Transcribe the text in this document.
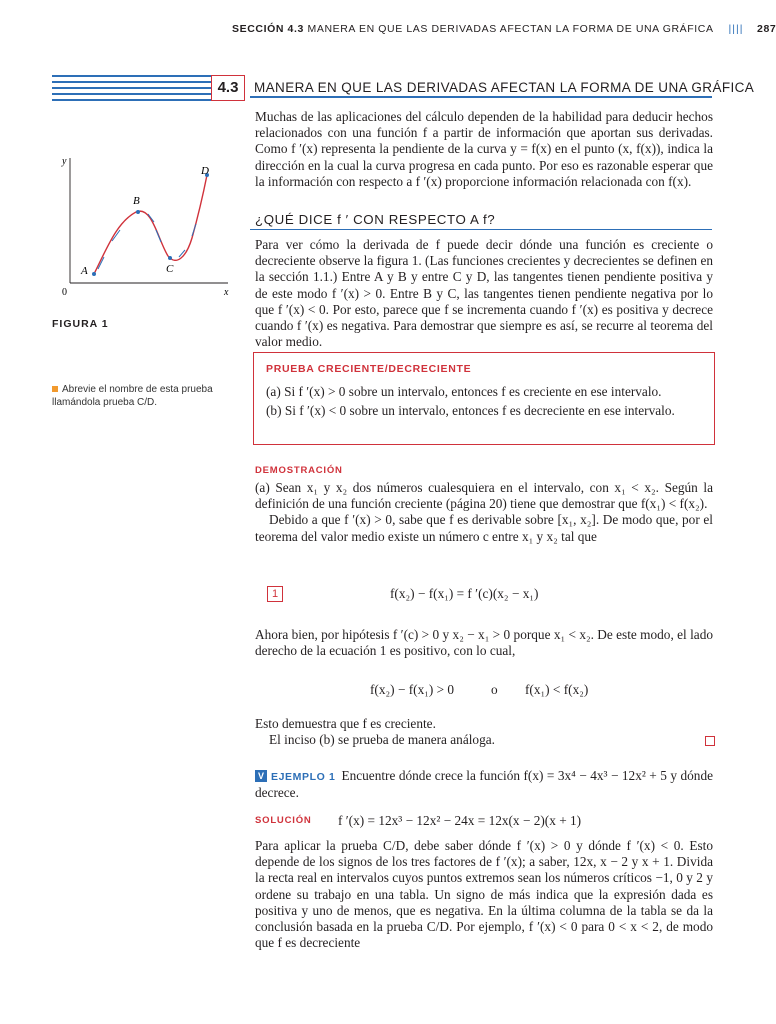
SECCIÓN 4.3 MANERA EN QUE LAS DERIVADAS AFECTAN LA FORMA DE UNA GRÁFICA |||| 287
4.3	MANERA EN QUE LAS DERIVADAS AFECTAN LA FORMA DE UNA GRÁFICA

Muchas de las aplicaciones del cálculo dependen de la habilidad para deducir hechos relacionados con una función f a partir de información que aportan sus derivadas. Como f ′(x) representa la pendiente de la curva y = f(x) en el punto (x, f(x)), indica la dirección en la cual la curva progresa en cada punto. Por eso es razonable esperar que la información con respecto a f ′(x) proporcione información relacionada con f(x).

¿QUÉ DICE f ′ CON RESPECTO A f?

Para ver cómo la derivada de f puede decir dónde una función es creciente o decreciente observe la figura 1. (Las funciones crecientes y decrecientes se definen en la sección 1.1.) Entre A y B y entre C y D, las tangentes tienen pendiente positiva y de este modo f ′(x) > 0. Entre B y C, las tangentes tienen pendiente negativa por lo que f ′(x) < 0. Por esto, parece que f se incrementa cuando f ′(x) es positiva y decrece cuando f ′(x) es negativa. Para demostrar que siempre es así, se recurre al teorema del valor medio.

y
x
0
A
B
C
D
FIGURA 1
Abrevie el nombre de esta prueba llamándola prueba C/D.
PRUEBA CRECIENTE/DECRECIENTE
(a) Si f ′(x) > 0 sobre un intervalo, entonces f es creciente en ese intervalo.
(b) Si f ′(x) < 0 sobre un intervalo, entonces f es decreciente en ese intervalo.
DEMOSTRACIÓN

(a) Sean x₁ y x₂ dos números cualesquiera en el intervalo, con x₁ < x₂. Según la definición de una función creciente (página 20) tiene que demostrar que f(x₁) < f(x₂).

Debido a que f ′(x) > 0, sabe que f es derivable sobre [x₁, x₂]. De modo que, por el teorema del valor medio existe un número c entre x₁ y x₂ tal que

1	f(x₂) − f(x₁) = f ′(c)(x₂ − x₁)

Ahora bien, por hipótesis f ′(c) > 0 y x₂ − x₁ > 0 porque x₁ < x₂. De este modo, el lado derecho de la ecuación 1 es positivo, con lo cual,

f(x₂) − f(x₁) > 0	o f(x₁) < f(x₂)

Esto demuestra que f es creciente.

El inciso (b) se prueba de manera análoga.

V EJEMPLO 1 Encuentre dónde crece la función f(x) = 3x⁴ − 4x³ − 12x² + 5 y dónde decrece.

SOLUCIÓN f ′(x) = 12x³ − 12x² − 24x = 12x(x − 2)(x + 1)

Para aplicar la prueba C/D, debe saber dónde f ′(x) > 0 y dónde f ′(x) < 0. Esto depende de los signos de los tres factores de f ′(x); a saber, 12x, x − 2 y x + 1. Divida la recta real en intervalos cuyos puntos extremos sean los números críticos −1, 0 y 2 y ordene su trabajo en una tabla. Un signo de más indica que la expresión dada es positiva y uno de menos, que es negativa. En la última columna de la tabla se da la conclusión basada en la prueba C/D. Por ejemplo, f ′(x) < 0 para 0 < x < 2, de modo que f es decreciente
